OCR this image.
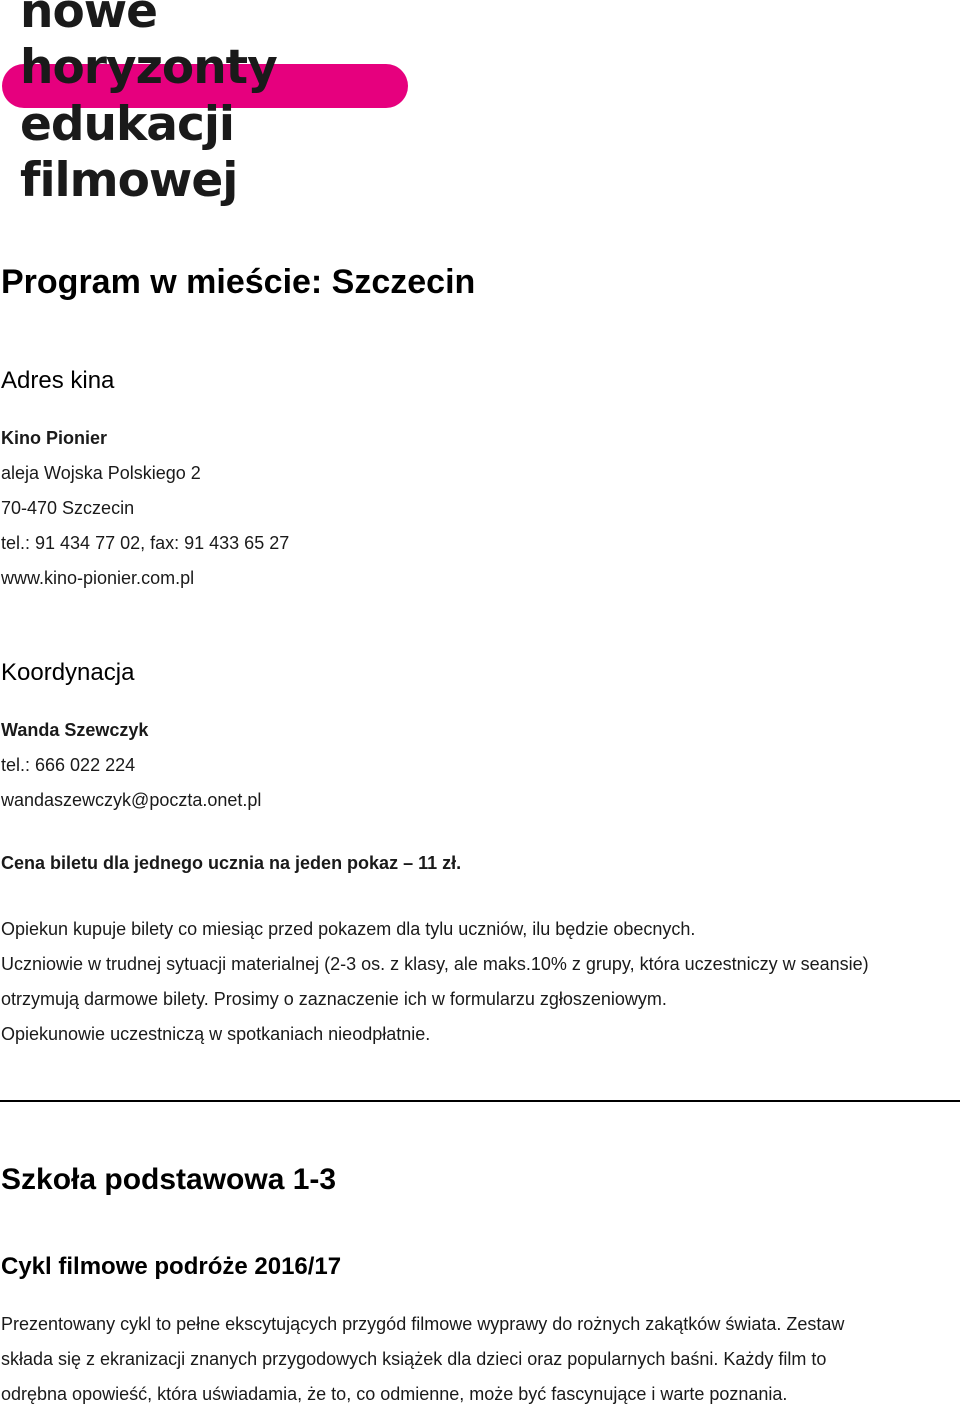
nowe
horyzonty
edukacji
filmowej
Program w mieście: Szczecin
Adres kina
Kino Pionier
aleja Wojska Polskiego 2
70-470 Szczecin
tel.: 91 434 77 02, fax: 91 433 65 27
www.kino-pionier.com.pl
Koordynacja
Wanda Szewczyk
tel.: 666 022 224
wandaszewczyk@poczta.onet.pl
Cena biletu dla jednego ucznia na jeden pokaz – 11 zł.
Opiekun kupuje bilety co miesiąc przed pokazem dla tylu uczniów, ilu będzie obecnych.
Uczniowie w trudnej sytuacji materialnej (2-3 os. z klasy, ale maks.10% z grupy, która uczestniczy w seansie)
otrzymują darmowe bilety. Prosimy o zaznaczenie ich w formularzu zgłoszeniowym.
Opiekunowie uczestniczą w spotkaniach nieodpłatnie.
Szkoła podstawowa 1-3
Cykl filmowe podróże 2016/17
Prezentowany cykl to pełne ekscytujących przygód filmowe wyprawy do rożnych zakątków świata. Zestaw
składa się z ekranizacji znanych przygodowych książek dla dzieci oraz popularnych baśni. Każdy film to
odrębna opowieść, która uświadamia, że to, co odmienne, może być fascynujące i warte poznania.
